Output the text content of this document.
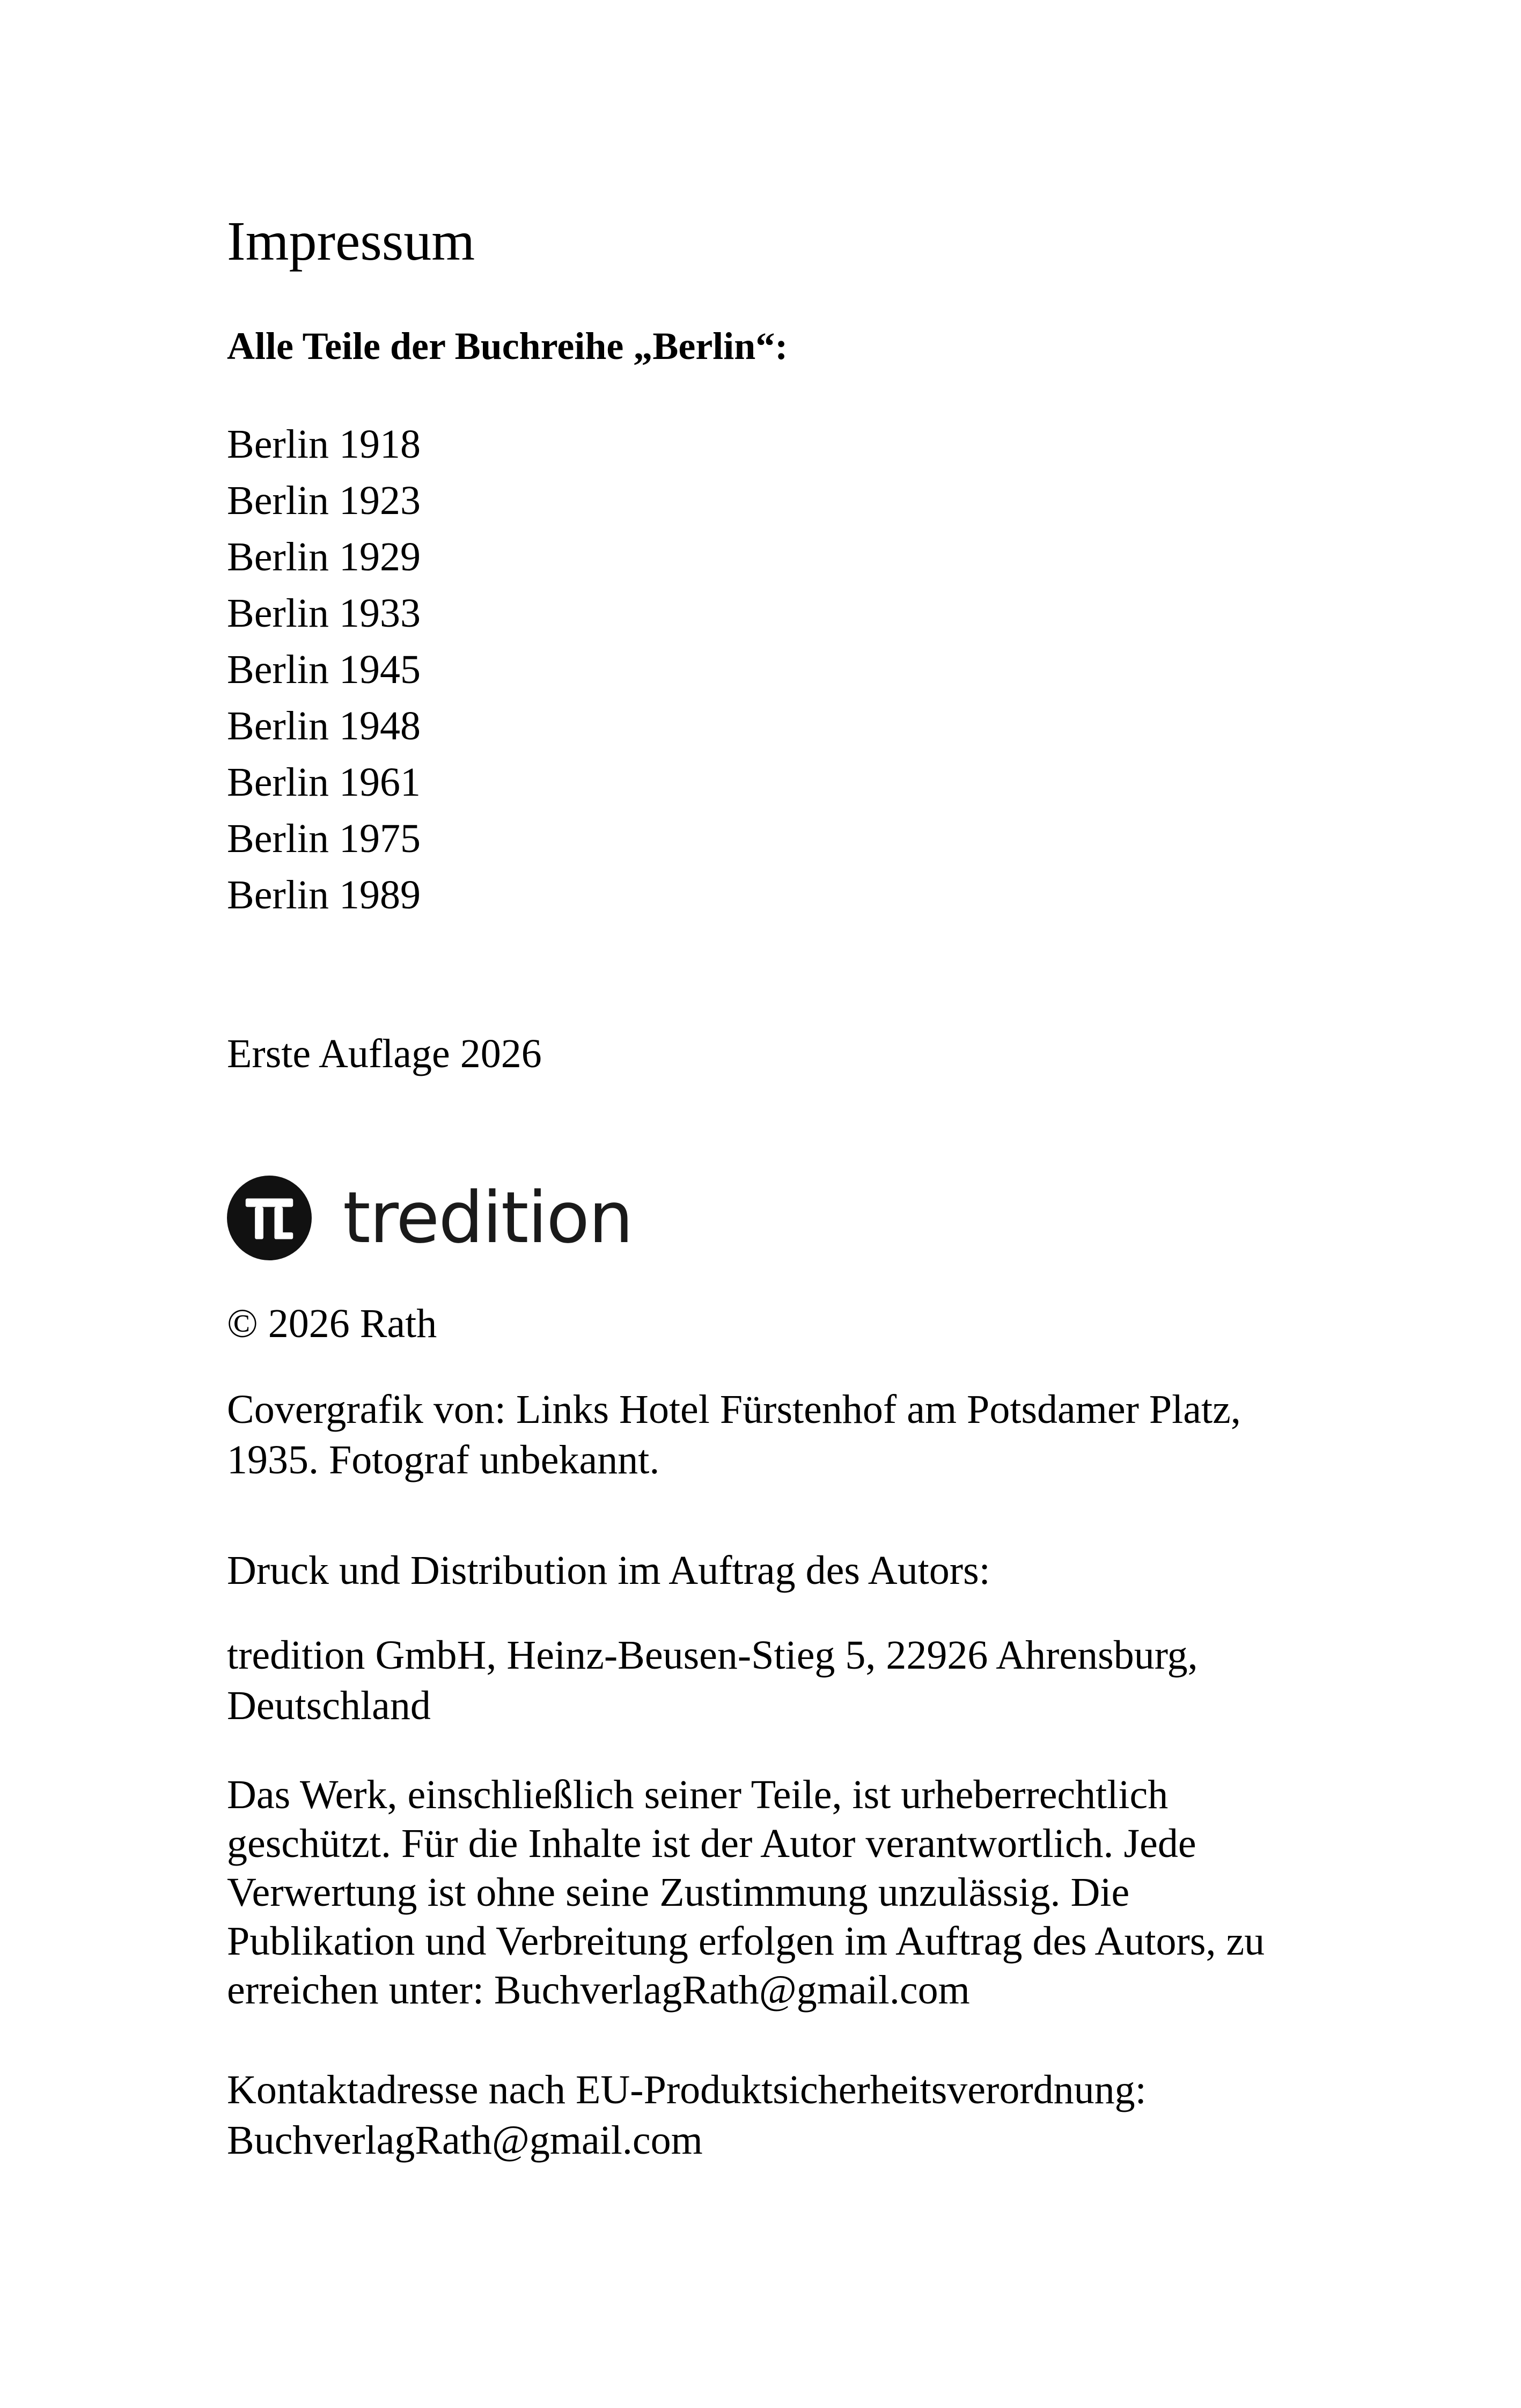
Impressum
Alle Teile der Buchreihe „Berlin“:
Berlin 1918
Berlin 1923
Berlin 1929
Berlin 1933
Berlin 1945
Berlin 1948
Berlin 1961
Berlin 1975
Berlin 1989
Erste Auflage 2026
tredition
© 2026 Rath
Covergrafik von: Links Hotel Fürstenhof am Potsdamer Platz,
1935. Fotograf unbekannt.
Druck und Distribution im Auftrag des Autors:
tredition GmbH, Heinz-Beusen-Stieg 5, 22926 Ahrensburg,
Deutschland
Das Werk, einschließlich seiner Teile, ist urheberrechtlich
geschützt. Für die Inhalte ist der Autor verantwortlich. Jede
Verwertung ist ohne seine Zustimmung unzulässig. Die
Publikation und Verbreitung erfolgen im Auftrag des Autors, zu
erreichen unter: BuchverlagRath@gmail.com
Kontaktadresse nach EU-Produktsicherheitsverordnung:
BuchverlagRath@gmail.com
